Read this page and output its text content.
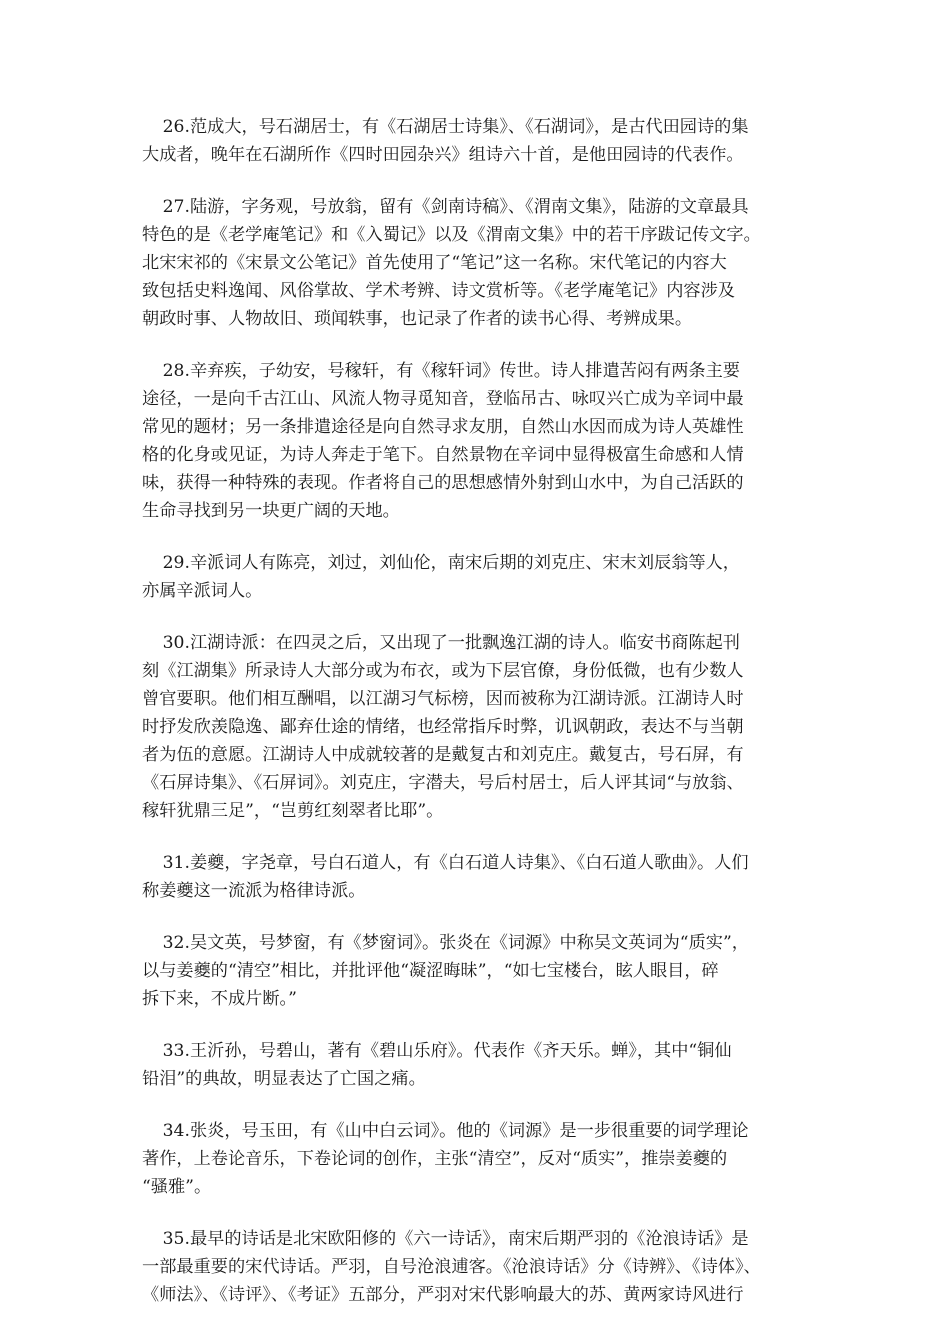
26.范成大，号石湖居士，有《石湖居士诗集》、《石湖词》，是古代田园诗的集
大成者，晚年在石湖所作《四时田园杂兴》组诗六十首，是他田园诗的代表作。

27.陆游，字务观，号放翁，留有《剑南诗稿》、《渭南文集》，陆游的文章最具
特色的是《老学庵笔记》和《入蜀记》以及《渭南文集》中的若干序跋记传文字。
北宋宋祁的《宋景文公笔记》首先使用了“笔记”这一名称。宋代笔记的内容大
致包括史料逸闻、风俗掌故、学术考辨、诗文赏析等。《老学庵笔记》内容涉及
朝政时事、人物故旧、琐闻轶事，也记录了作者的读书心得、考辨成果。

28.辛弃疾，子幼安，号稼轩，有《稼轩词》传世。诗人排遣苦闷有两条主要
途径，一是向千古江山、风流人物寻觅知音，登临吊古、咏叹兴亡成为辛词中最
常见的题材；另一条排遣途径是向自然寻求友朋，自然山水因而成为诗人英雄性
格的化身或见证，为诗人奔走于笔下。自然景物在辛词中显得极富生命感和人情
味，获得一种特殊的表现。作者将自己的思想感情外射到山水中，为自己活跃的
生命寻找到另一块更广阔的天地。

29.辛派词人有陈亮，刘过，刘仙伦，南宋后期的刘克庄、宋末刘辰翁等人，
亦属辛派词人。

30.江湖诗派：在四灵之后，又出现了一批飘逸江湖的诗人。临安书商陈起刊
刻《江湖集》所录诗人大部分或为布衣，或为下层官僚，身份低微，也有少数人
曾官要职。他们相互酬唱，以江湖习气标榜，因而被称为江湖诗派。江湖诗人时
时抒发欣羡隐逸、鄙弃仕途的情绪，也经常指斥时弊，讥讽朝政，表达不与当朝
者为伍的意愿。江湖诗人中成就较著的是戴复古和刘克庄。戴复古，号石屏，有
《石屏诗集》、《石屏词》。刘克庄，字潜夫，号后村居士，后人评其词“与放翁、
稼轩犹鼎三足”，“岂剪红刻翠者比耶”。

31.姜夔，字尧章，号白石道人，有《白石道人诗集》、《白石道人歌曲》。人们
称姜夔这一流派为格律诗派。

32.吴文英，号梦窗，有《梦窗词》。张炎在《词源》中称吴文英词为“质实”，
以与姜夔的“清空”相比，并批评他“凝涩晦昧”，“如七宝楼台，眩人眼目，碎
拆下来，不成片断。”

33.王沂孙，号碧山，著有《碧山乐府》。代表作《齐天乐。蝉》，其中“铜仙
铅泪”的典故，明显表达了亡国之痛。

34.张炎，号玉田，有《山中白云词》。他的《词源》是一步很重要的词学理论
著作，上卷论音乐，下卷论词的创作，主张“清空”，反对“质实”，推崇姜夔的
“骚雅”。

35.最早的诗话是北宋欧阳修的《六一诗话》，南宋后期严羽的《沧浪诗话》是
一部最重要的宋代诗话。严羽，自号沧浪逋客。《沧浪诗话》分《诗辨》、《诗体》、
《师法》、《诗评》、《考证》五部分，严羽对宋代影响最大的苏、黄两家诗风进行
